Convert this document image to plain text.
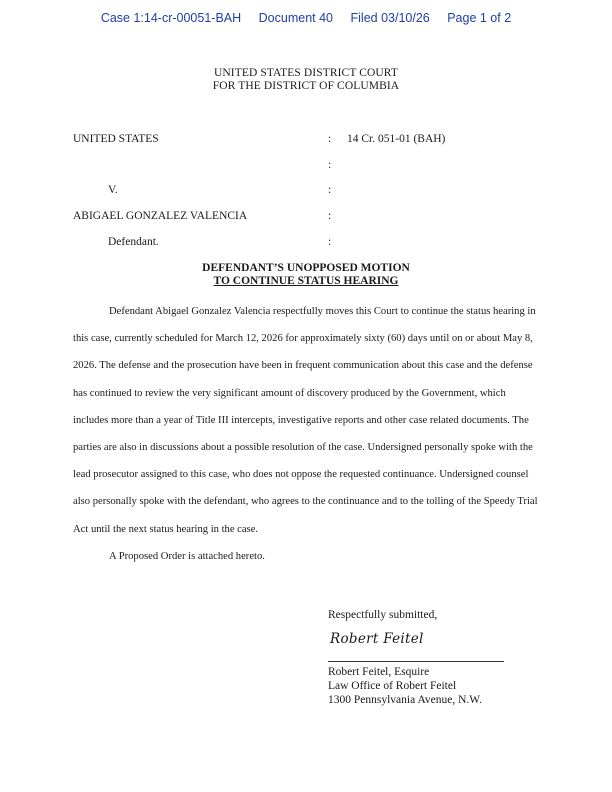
Case 1:14-cr-00051-BAH Document 40 Filed 03/10/26 Page 1 of 2
UNITED STATES DISTRICT COURT
FOR THE DISTRICT OF COLUMBIA
UNITED STATES	: 14 Cr. 051-01 (BAH)
:
V.	:
ABIGAEL GONZALEZ VALENCIA	:
Defendant.	:
DEFENDANT’S UNOPPOSED MOTION
TO CONTINUE STATUS HEARING

Defendant Abigael Gonzalez Valencia respectfully moves this Court to continue the status hearing in this case, currently scheduled for March 12, 2026 for approximately sixty (60) days until on or about May 8, 2026. The defense and the prosecution have been in frequent communication about this case and the defense has continued to review the very significant amount of discovery produced by the Government, which includes more than a year of Title III intercepts, investigative reports and other case related documents. The parties are also in discussions about a possible resolution of the case. Undersigned personally spoke with the lead prosecutor assigned to this case, who does not oppose the requested continuance. Undersigned counsel also personally spoke with the defendant, who agrees to the continuance and to the tolling of the Speedy Trial Act until the next status hearing in the case.

A Proposed Order is attached hereto.

Respectfully submitted,
Robert Feitel
Robert Feitel, Esquire
Law Office of Robert Feitel
1300 Pennsylvania Avenue, N.W.
